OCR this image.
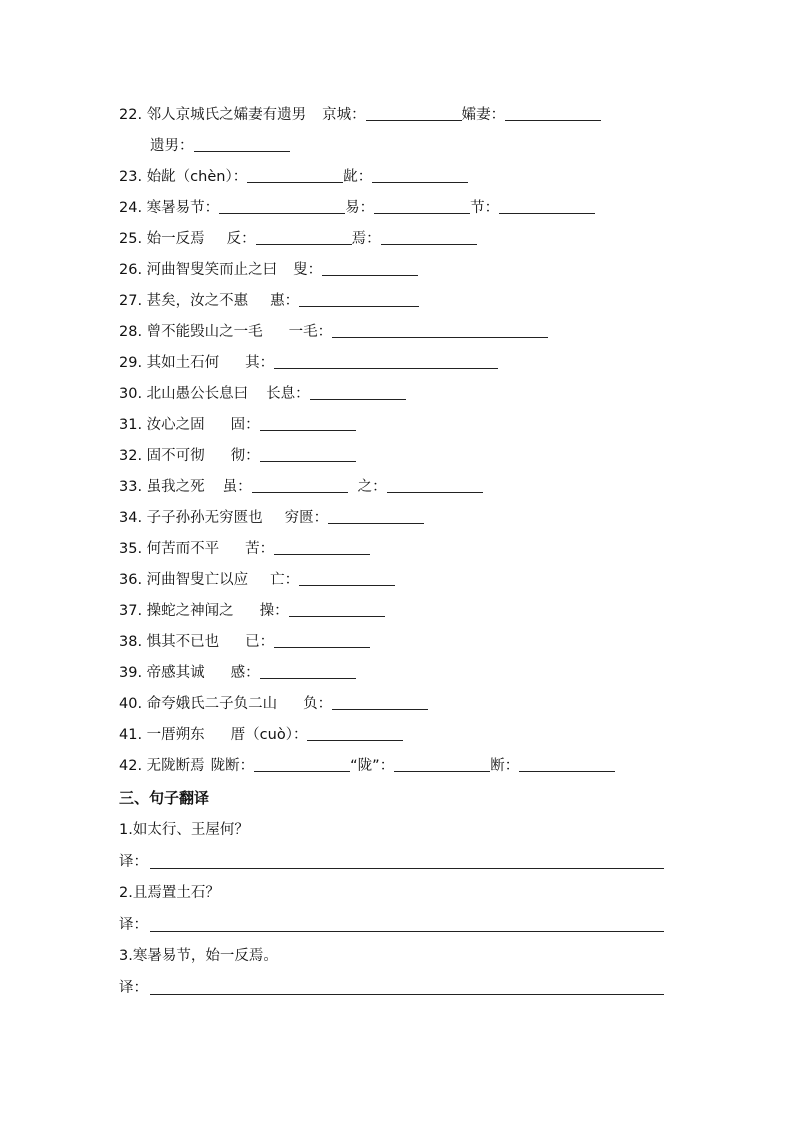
22. 邻人京城氏之孀妻有遗男 京城：	孀妻：
遗男：
23. 始龀（chèn）：	龀：
24. 寒暑易节：	易：	节：
25. 始一反焉 反：	焉：
26. 河曲智叟笑而止之曰 叟：
27. 甚矣，汝之不惠 惠：
28. 曾不能毁山之一毛 一毛：
29. 其如土石何 其：
30. 北山愚公长息曰 长息：
31. 汝心之固 固：
32. 固不可彻 彻：
33. 虽我之死 虽：	之：
34. 子子孙孙无穷匮也 穷匮：
35. 何苦而不平 苦：
36. 河曲智叟亡以应 亡：
37. 操蛇之神闻之 操：
38. 惧其不已也 已：
39. 帝感其诚 感：
40. 命夸娥氏二子负二山 负：
41. 一厝朔东 厝（cuò）：
42. 无陇断焉 陇断：	“陇”：	断：
三、句子翻译
1.如太行、王屋何？
译：
2.且焉置土石？
译：
3.寒暑易节，始一反焉。
译：
